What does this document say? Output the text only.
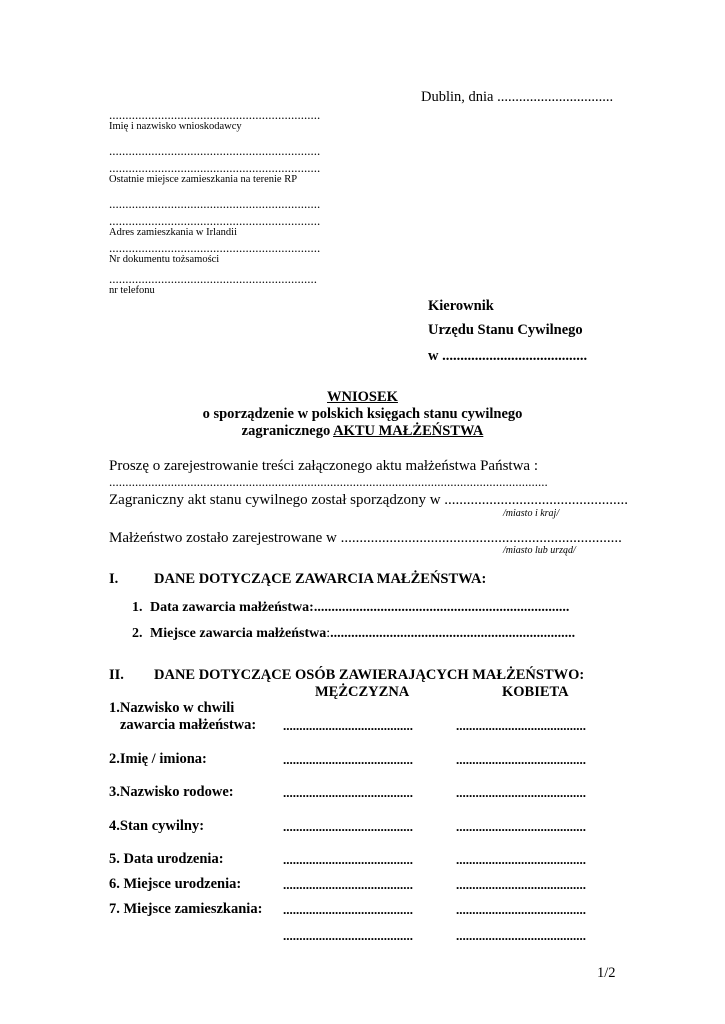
Dublin, dnia ................................
.................................................................
Imię i nazwisko wnioskodawcy
.................................................................
.................................................................
Ostatnie miejsce zamieszkania na terenie RP
.................................................................
.................................................................
Adres zamieszkania w Irlandii
.................................................................
Nr dokumentu tożsamości
................................................................
nr telefonu
Kierownik
Urzędu Stanu Cywilnego
w ........................................
WNIOSEK
o sporządzenie w polskich księgach stanu cywilnego
zagranicznego AKTU MAŁŻEŃSTWA
Proszę o zarejestrowanie treści załączonego aktu małżeństwa Państwa :
.......................................................................................................................................
Zagraniczny akt stanu cywilnego został sporządzony w .................................................
/miasto i kraj/
Małżeństwo zostało zarejestrowane w ...........................................................................
/miasto lub urząd/
I. DANE DOTYCZĄCE ZAWARCIA MAŁŻEŃSTWA:
1. Data zawarcia małżeństwa:.........................................................................
2. Miejsce zawarcia małżeństwa:......................................................................
II. DANE DOTYCZĄCE OSÓB ZAWIERAJĄCYCH MAŁŻEŃSTWO:
MĘŻCZYZNA	KOBIETA
1.Nazwisko w chwili
zawarcia małżeństwa: ........................................	........................................
2.Imię / imiona:	........................................	........................................
3.Nazwisko rodowe:	........................................	........................................
4.Stan cywilny:	........................................	........................................
5. Data urodzenia:	........................................	........................................
6. Miejsce urodzenia:	........................................	........................................
7. Miejsce zamieszkania: ........................................	........................................
........................................	........................................
1/2
